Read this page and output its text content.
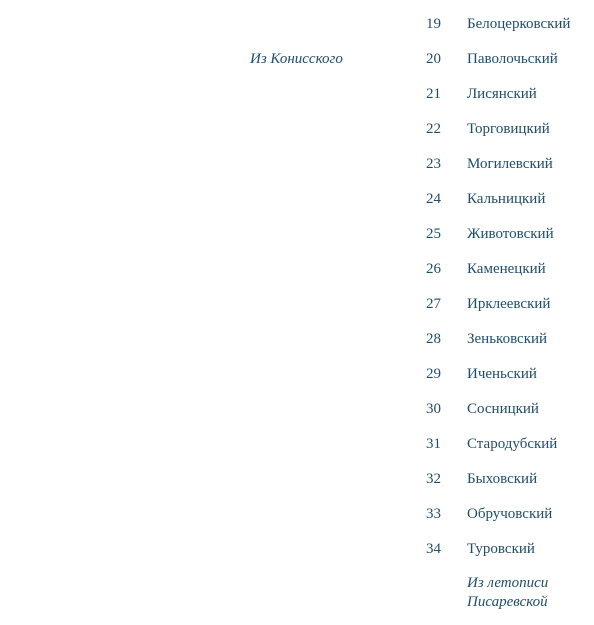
19 Белоцерковский
Из Конисского	20 Паволочьский
21 Лисянский
22 Торговицкий
23 Могилевский
24 Кальницкий
25 Животовский
26 Каменецкий
27 Ирклеевский
28 Зеньковский
29 Иченьский
30 Сосницкий
31 Стародубский
32 Быховский
33 Обручовский
34 Туровский
Из летописи
Писаревской
